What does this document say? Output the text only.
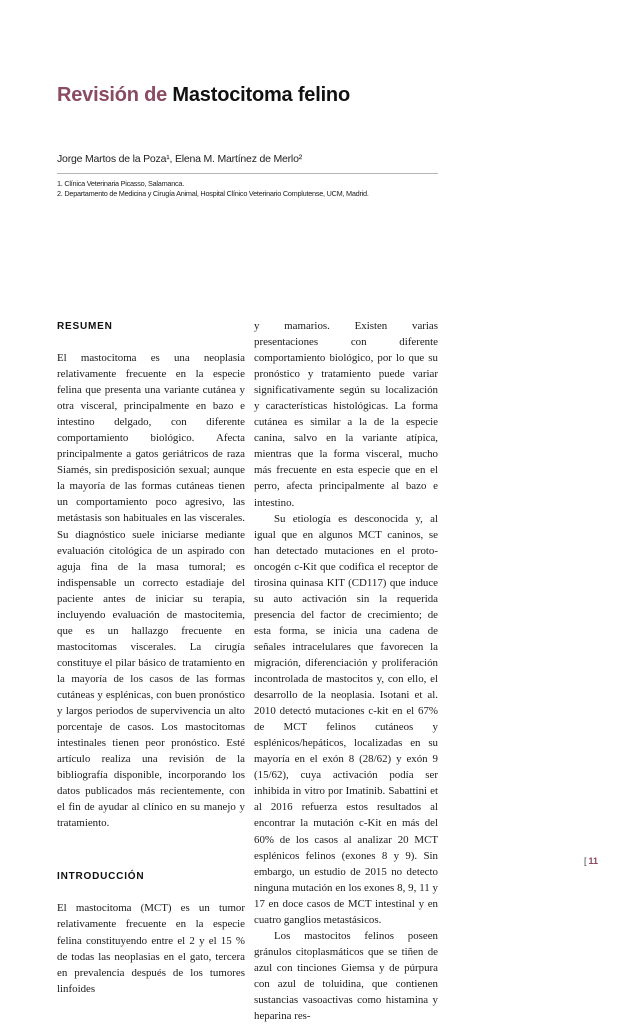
Revisión de Mastocitoma felino
Jorge Martos de la Poza¹, Elena M. Martínez de Merlo²
1. Clínica Veterinaria Picasso, Salamanca.
2. Departamento de Medicina y Cirugía Animal, Hospital Clínico Veterinario Complutense, UCM, Madrid.
RESUMEN

El mastocitoma es una neoplasia relativamente frecuente en la especie felina que presenta una variante cutánea y otra visceral, principalmente en bazo e intestino delgado, con diferente comportamiento biológico. Afecta principalmente a gatos geriátricos de raza Siamés, sin predisposición sexual; aunque la mayoría de las formas cutáneas tienen un comportamiento poco agresivo, las metástasis son habituales en las viscerales. Su diagnóstico suele iniciarse mediante evaluación citológica de un aspirado con aguja fina de la masa tumoral; es indispensable un correcto estadiaje del paciente antes de iniciar su terapia, incluyendo evaluación de mastocitemia, que es un hallazgo frecuente en mastocitomas viscerales. La cirugía constituye el pilar básico de tratamiento en la mayoría de los casos de las formas cutáneas y esplénicas, con buen pronóstico y largos periodos de supervivencia un alto porcentaje de casos. Los mastocitomas intestinales tienen peor pronóstico. Esté artículo realiza una revisión de la bibliografía disponible, incorporando los datos publicados más recientemente, con el fin de ayudar al clínico en su manejo y tratamiento.

INTRODUCCIÓN

El mastocitoma (MCT) es un tumor relativamente frecuente en la especie felina constituyendo entre el 2 y el 15 % de todas las neoplasias en el gato, tercera en prevalencia después de los tumores linfoides

y mamarios. Existen varias presentaciones con diferente comportamiento biológico, por lo que su pronóstico y tratamiento puede variar significativamente según su localización y características histológicas. La forma cutánea es similar a la de la especie canina, salvo en la variante atípica, mientras que la forma visceral, mucho más frecuente en esta especie que en el perro, afecta principalmente al bazo e intestino.

Su etiología es desconocida y, al igual que en algunos MCT caninos, se han detectado mutaciones en el proto-oncogén c-Kit que codifica el receptor de tirosina quinasa KIT (CD117) que induce su auto activación sin la requerida presencia del factor de crecimiento; de esta forma, se inicia una cadena de señales intracelulares que favorecen la migración, diferenciación y proliferación incontrolada de mastocitos y, con ello, el desarrollo de la neoplasia. Isotani et al. 2010 detectó mutaciones c-kit en el 67% de MCT felinos cutáneos y esplénicos/hepáticos, localizadas en su mayoría en el exón 8 (28/62) y exón 9 (15/62), cuya activación podía ser inhibida in vitro por Imatinib. Sabattini et al 2016 refuerza estos resultados al encontrar la mutación c-Kit en más del 60% de los casos al analizar 20 MCT esplénicos felinos (exones 8 y 9). Sin embargo, un estudio de 2015 no detecto ninguna mutación en los exones 8, 9, 11 y 17 en doce casos de MCT intestinal y en cuatro ganglios metastásicos.

Los mastocitos felinos poseen gránulos citoplasmáticos que se tiñen de azul con tinciones Giemsa y de púrpura con azul de toluidina, que contienen sustancias vasoactivas como histamina y heparina res-

[ 11
